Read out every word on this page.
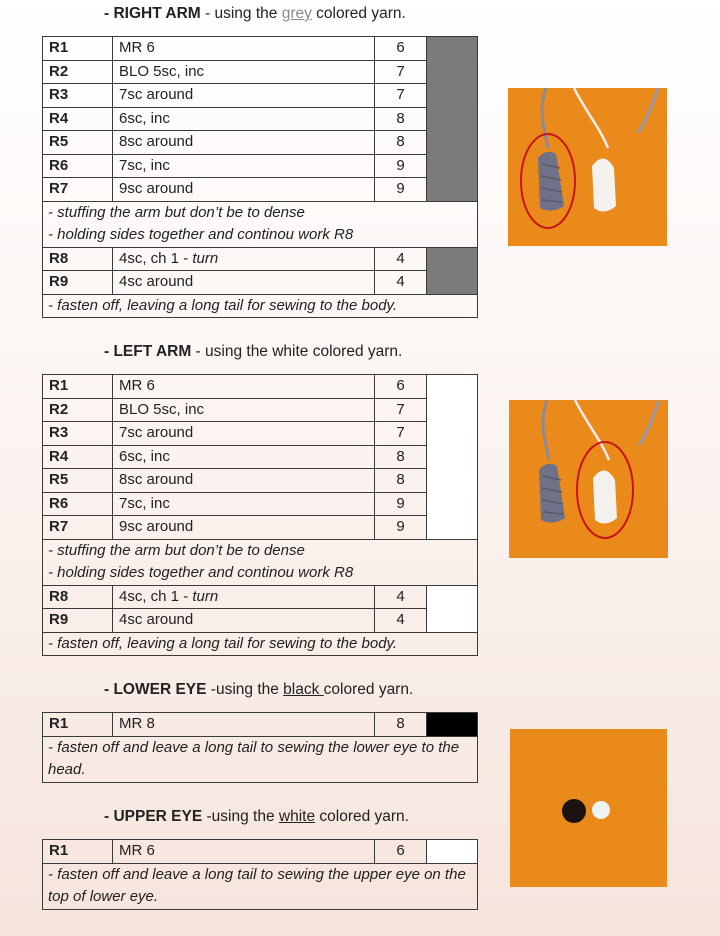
- RIGHT ARM - using the grey colored yarn.
R1	MR 6	6	
R2	BLO 5sc, inc	7	
R3	7sc around	7	
R4	6sc, inc	8	
R5	8sc around	8	
R6	7sc, inc	9	
R7	9sc around	9	

- stuffing the arm but don’t be to dense
- holding sides together and continou work R8			

R8	4sc, ch 1 - turn	4	
R9	4sc around	4	
- fasten off, leaving a long tail for sewing to the body.			
- LEFT ARM - using the white colored yarn.
R1	MR 6	6	
R2	BLO 5sc, inc	7	
R3	7sc around	7	
R4	6sc, inc	8	
R5	8sc around	8	
R6	7sc, inc	9	
R7	9sc around	9	

- stuffing the arm but don’t be to dense
- holding sides together and continou work R8			

R8	4sc, ch 1 - turn	4	
R9	4sc around	4	
- fasten off, leaving a long tail for sewing to the body.			
- LOWER EYE -using the black colored yarn.
R1	MR 8	8	
- fasten off and leave a long tail to sewing the lower eye to the head.
- UPPER EYE -using the white colored yarn.
R1	MR 6	6	
- fasten off and leave a long tail to sewing the upper eye on the top of lower eye.
